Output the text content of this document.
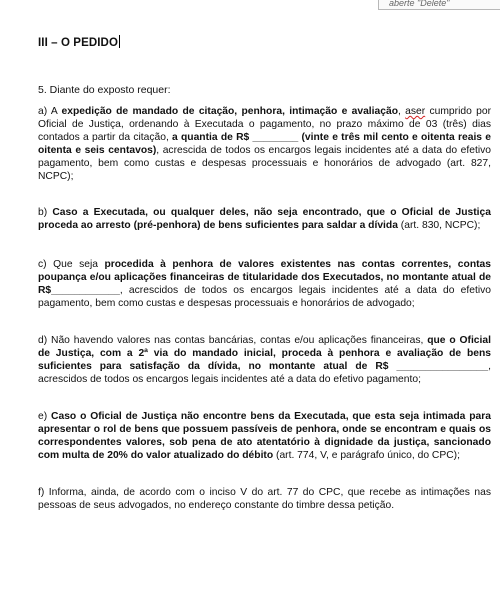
aberte "Delete"
III – O PEDIDO
5. Diante do exposto requer:

a) A expedição de mandado de citação, penhora, intimação e avaliação, aser cumprido por Oficial de Justiça, ordenando à Executada o pagamento, no prazo máximo de 03 (três) dias contados a partir da citação, a quantia de R$ ________ (vinte e três mil cento e oitenta reais e oitenta e seis centavos), acrescida de todos os encargos legais incidentes até a data do efetivo pagamento, bem como custas e despesas processuais e honorários de advogado (art. 827, NCPC);

b) Caso a Executada, ou qualquer deles, não seja encontrado, que o Oficial de Justiça proceda ao arresto (pré-penhora) de bens suficientes para saldar a dívida (art. 830, NCPC);

c) Que seja procedida à penhora de valores existentes nas contas correntes, contas poupança e/ou aplicações financeiras de titularidade dos Executados, no montante atual de R$____________, acrescidos de todos os encargos legais incidentes até a data do efetivo pagamento, bem como custas e despesas processuais e honorários de advogado;

d) Não havendo valores nas contas bancárias, contas e/ou aplicações financeiras, que o Oficial de Justiça, com a 2ª via do mandado inicial, proceda à penhora e avaliação de bens suficientes para satisfação da dívida, no montante atual de R$ ________________, acrescidos de todos os encargos legais incidentes até a data do efetivo pagamento;

e) Caso o Oficial de Justiça não encontre bens da Executada, que esta seja intimada para apresentar o rol de bens que possuem passíveis de penhora, onde se encontram e quais os correspondentes valores, sob pena de ato atentatório à dignidade da justiça, sancionado com multa de 20% do valor atualizado do débito (art. 774, V, e parágrafo único, do CPC);

f) Informa, ainda, de acordo com o inciso V do art. 77 do CPC, que recebe as intimações nas pessoas de seus advogados, no endereço constante do timbre dessa petição.
